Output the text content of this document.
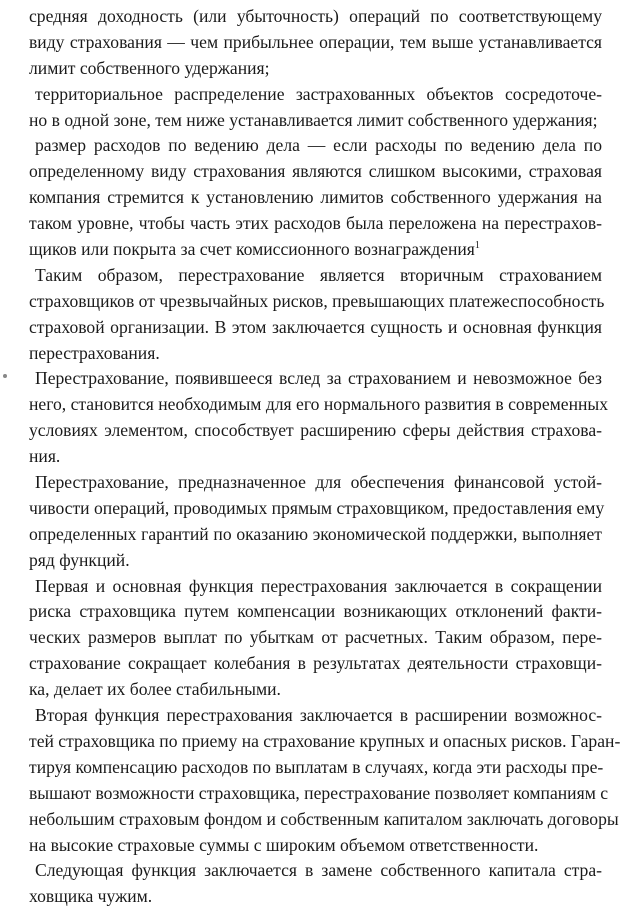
средняя доходность (или убыточность) операций по соответствующему
виду страхования — чем прибыльнее операции, тем выше устанавливается
лимит собственного удержания;
территориальное распределение застрахованных объектов сосредоточе-
но в одной зоне, тем ниже устанавливается лимит собственного удержания;
размер расходов по ведению дела — если расходы по ведению дела по
определенному виду страхования являются слишком высокими, страховая
компания стремится к установлению лимитов собственного удержания на
таком уровне, чтобы часть этих расходов была переложена на перестрахов-
щиков или покрыта за счет комиссионного вознаграждения$^1$
Таким образом, перестрахование является вторичным страхованием
страховщиков от чрезвычайных рисков, превышающих платежеспособность
страховой организации. В этом заключается сущность и основная функция
перестрахования.
Перестрахование, появившееся вслед за страхованием и невозможное без
него, становится необходимым для его нормального развития в современных
условиях элементом, способствует расширению сферы действия страхова-
ния.
Перестрахование, предназначенное для обеспечения финансовой устой-
чивости операций, проводимых прямым страховщиком, предоставления ему
определенных гарантий по оказанию экономической поддержки, выполняет
ряд функций.
Первая и основная функция перестрахования заключается в сокращении
риска страховщика путем компенсации возникающих отклонений факти-
ческих размеров выплат по убыткам от расчетных. Таким образом, пере-
страхование сокращает колебания в результатах деятельности страховщи-
ка, делает их более стабильными.
Вторая функция перестрахования заключается в расширении возможнос-
тей страховщика по приему на страхование крупных и опасных рисков. Гаран-
тируя компенсацию расходов по выплатам в случаях, когда эти расходы пре-
вышают возможности страховщика, перестрахование позволяет компаниям с
небольшим страховым фондом и собственным капиталом заключать договоры
на высокие страховые суммы с широким объемом ответственности.
Следующая функция заключается в замене собственного капитала стра-
ховщика чужим.
